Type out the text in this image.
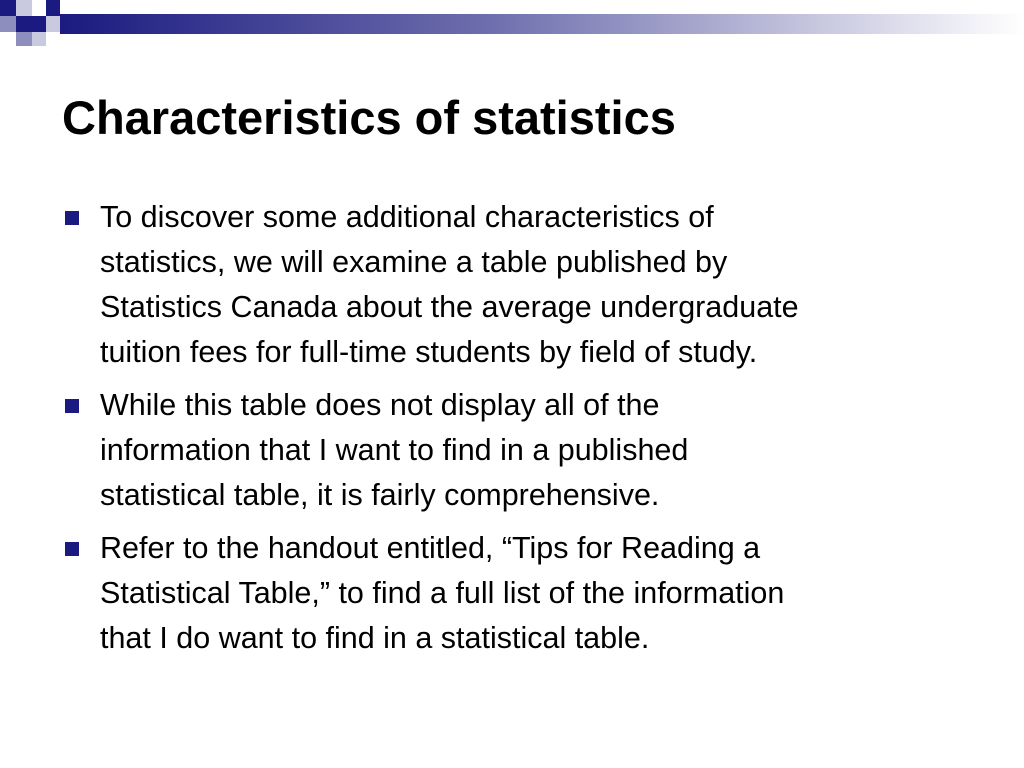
Characteristics of statistics
To discover some additional characteristics of
statistics, we will examine a table published by
Statistics Canada about the average undergraduate
tuition fees for full-time students by field of study.
While this table does not display all of the
information that I want to find in a published
statistical table, it is fairly comprehensive.
Refer to the handout entitled, “Tips for Reading a
Statistical Table,” to find a full list of the information
that I do want to find in a statistical table.
